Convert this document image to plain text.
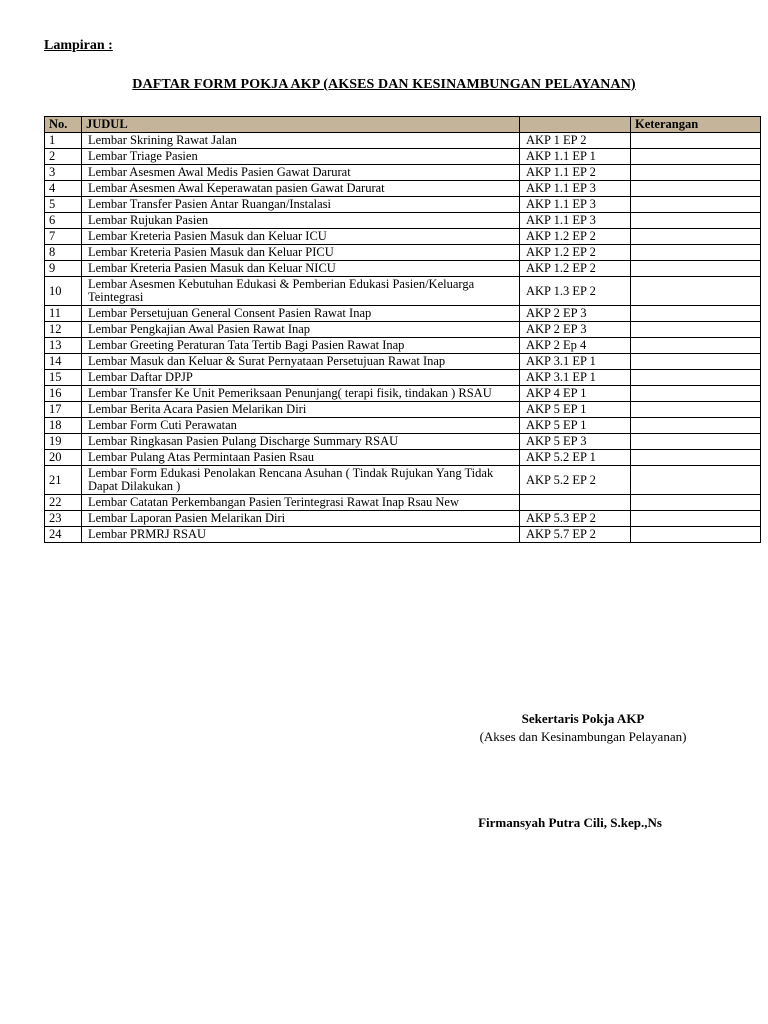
Lampiran :

DAFTAR FORM POKJA AKP (AKSES DAN KESINAMBUNGAN PELAYANAN)
No.	JUDUL		Keterangan
1	Lembar Skrining Rawat Jalan	AKP 1 EP 2	
2	Lembar Triage Pasien	AKP 1.1 EP 1	
3	Lembar Asesmen Awal Medis Pasien Gawat Darurat	AKP 1.1 EP 2	
4	Lembar Asesmen Awal Keperawatan pasien Gawat Darurat	AKP 1.1 EP 3	
5	Lembar Transfer Pasien Antar Ruangan/Instalasi	AKP 1.1 EP 3	
6	Lembar Rujukan Pasien	AKP 1.1 EP 3	
7	Lembar Kreteria Pasien Masuk dan Keluar ICU	AKP 1.2 EP 2	
8	Lembar Kreteria Pasien Masuk dan Keluar PICU	AKP 1.2 EP 2	
9	Lembar Kreteria Pasien Masuk dan Keluar NICU	AKP 1.2 EP 2	
10	Lembar Asesmen Kebutuhan Edukasi & Pemberian Edukasi Pasien/Keluarga Teintegrasi	AKP 1.3 EP 2	
11	Lembar Persetujuan General Consent Pasien Rawat Inap	AKP 2 EP 3	
12	Lembar Pengkajian Awal Pasien Rawat Inap	AKP 2 EP 3	
13	Lembar Greeting Peraturan Tata Tertib Bagi Pasien Rawat Inap	AKP 2 Ep 4	
14	Lembar Masuk dan Keluar & Surat Pernyataan Persetujuan Rawat Inap	AKP 3.1 EP 1	
15	Lembar Daftar DPJP	AKP 3.1 EP 1	
16	Lembar Transfer Ke Unit Pemeriksaan Penunjang( terapi fisik, tindakan ) RSAU	AKP 4 EP 1	
17	Lembar Berita Acara Pasien Melarikan Diri	AKP 5 EP 1	
18	Lembar Form Cuti Perawatan	AKP 5 EP 1	
19	Lembar Ringkasan Pasien Pulang Discharge Summary RSAU	AKP 5 EP 3	
20	Lembar Pulang Atas Permintaan Pasien Rsau	AKP 5.2 EP 1	
21	Lembar Form Edukasi Penolakan Rencana Asuhan ( Tindak Rujukan Yang Tidak Dapat Dilakukan )	AKP 5.2 EP 2	
22	Lembar Catatan Perkembangan Pasien Terintegrasi Rawat Inap Rsau New		
23	Lembar Laporan Pasien Melarikan Diri	AKP 5.3 EP 2	
24	Lembar PRMRJ RSAU	AKP 5.7 EP 2	
Sekertaris Pokja AKP
(Akses dan Kesinambungan Pelayanan)
Firmansyah Putra Cili, S.kep.,Ns
